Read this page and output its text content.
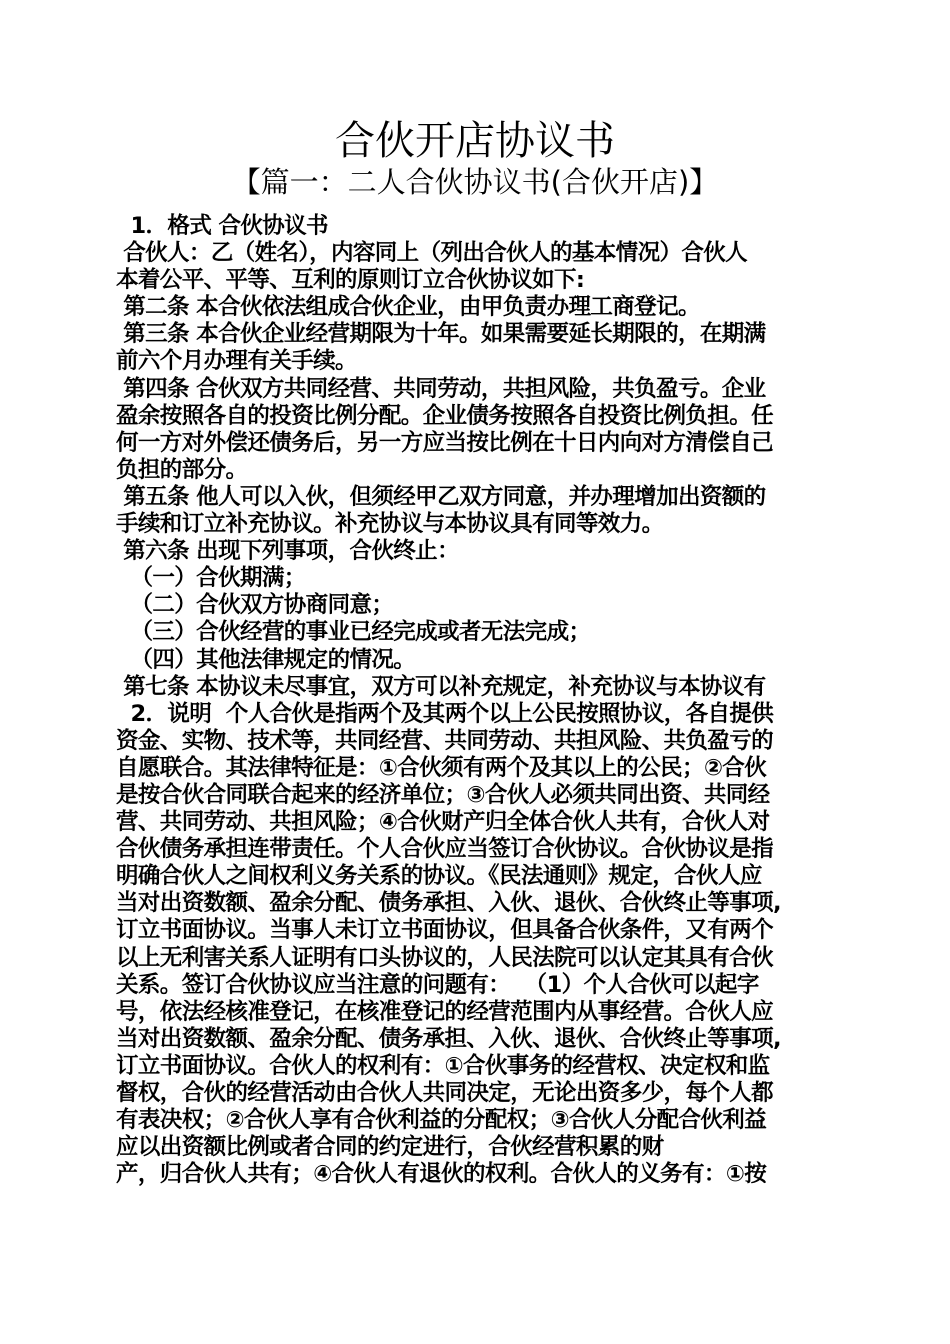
合伙开店协议书
【篇一：二人合伙协议书(合伙开店)】
1．格式 合伙协议书
合伙人：乙（姓名），内容同上（列出合伙人的基本情况）合伙人
本着公平、平等、互利的原则订立合伙协议如下:
第二条 本合伙依法组成合伙企业，由甲负责办理工商登记。
第三条 本合伙企业经营期限为十年。如果需要延长期限的，在期满
前六个月办理有关手续。
第四条 合伙双方共同经营、共同劳动，共担风险，共负盈亏。企业
盈余按照各自的投资比例分配。企业债务按照各自投资比例负担。任
何一方对外偿还债务后，另一方应当按比例在十日内向对方清偿自己
负担的部分。
第五条 他人可以入伙，但须经甲乙双方同意，并办理增加出资额的
手续和订立补充协议。补充协议与本协议具有同等效力。
第六条 出现下列事项，合伙终止：
（一）合伙期满；
（二）合伙双方协商同意；
（三）合伙经营的事业已经完成或者无法完成；
（四）其他法律规定的情况。
第七条 本协议未尽事宜，双方可以补充规定，补充协议与本协议有
2．说明  个人合伙是指两个及其两个以上公民按照协议，各自提供
资金、实物、技术等，共同经营、共同劳动、共担风险、共负盈亏的
自愿联合。其法律特征是：①合伙须有两个及其以上的公民；②合伙
是按合伙合同联合起来的经济单位；③合伙人必须共同出资、共同经
营、共同劳动、共担风险；④合伙财产归全体合伙人共有，合伙人对
合伙债务承担连带责任。个人合伙应当签订合伙协议。合伙协议是指
明确合伙人之间权利义务关系的协议。《民法通则》规定，合伙人应
当对出资数额、盈余分配、债务承担、入伙、退伙、合伙终止等事项,
订立书面协议。当事人未订立书面协议，但具备合伙条件，又有两个
以上无利害关系人证明有口头协议的，人民法院可以认定其具有合伙
关系。签订合伙协议应当注意的问题有：  （1）个人合伙可以起字
号，依法经核准登记，在核准登记的经营范围内从事经营。合伙人应
当对出资数额、盈余分配、债务承担、入伙、退伙、合伙终止等事项,
订立书面协议。合伙人的权利有：①合伙事务的经营权、决定权和监
督权，合伙的经营活动由合伙人共同决定，无论出资多少，每个人都
有表决权；②合伙人享有合伙利益的分配权；③合伙人分配合伙利益
应以出资额比例或者合同的约定进行，合伙经营积累的财
产，归合伙人共有；④合伙人有退伙的权利。合伙人的义务有：①按
